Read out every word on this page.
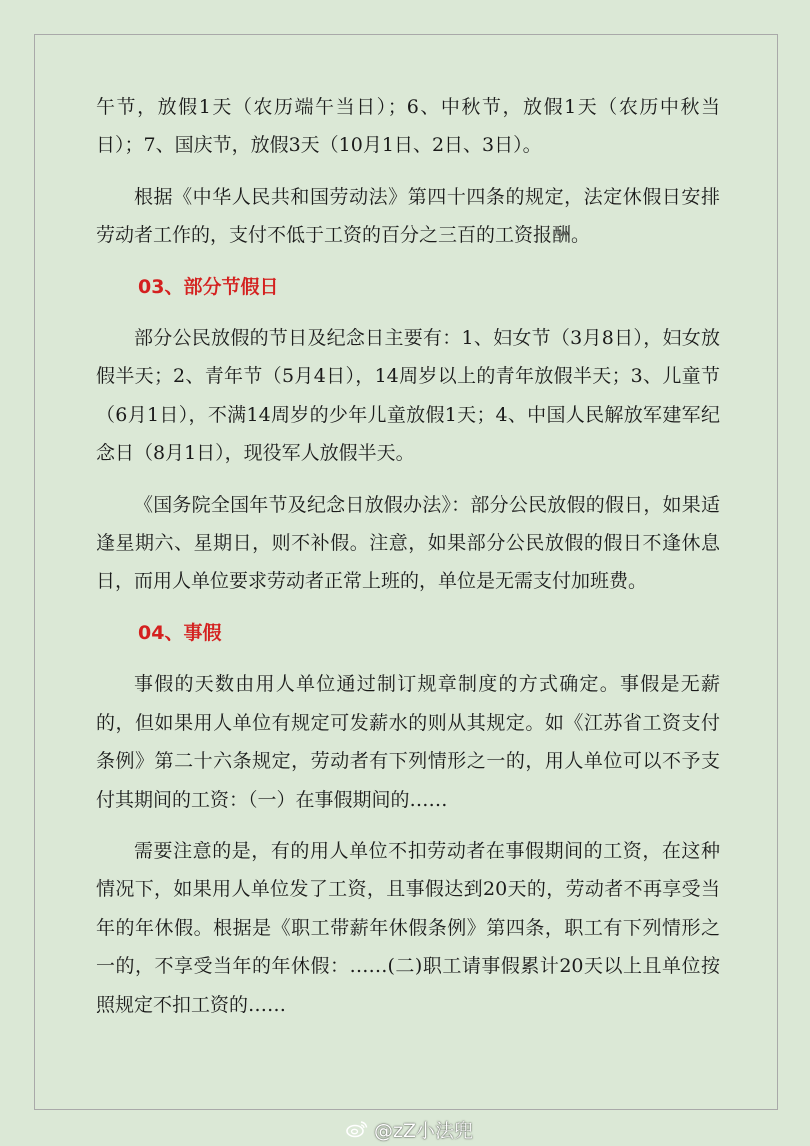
午节，放假1天（农历端午当日）；6、中秋节，放假1天（农历中秋当日）；7、国庆节，放假3天（10月1日、2日、3日）。

根据《中华人民共和国劳动法》第四十四条的规定，法定休假日安排劳动者工作的，支付不低于工资的百分之三百的工资报酬。

03、部分节假日

部分公民放假的节日及纪念日主要有：1、妇女节（3月8日），妇女放假半天；2、青年节（5月4日），14周岁以上的青年放假半天；3、儿童节（6月1日），不满14周岁的少年儿童放假1天；4、中国人民解放军建军纪念日（8月1日），现役军人放假半天。

《国务院全国年节及纪念日放假办法》：部分公民放假的假日，如果适逢星期六、星期日，则不补假。注意，如果部分公民放假的假日不逢休息日，而用人单位要求劳动者正常上班的，单位是无需支付加班费。

04、事假

事假的天数由用人单位通过制订规章制度的方式确定。事假是无薪的，但如果用人单位有规定可发薪水的则从其规定。如《江苏省工资支付条例》第二十六条规定，劳动者有下列情形之一的，用人单位可以不予支付其期间的工资：（一）在事假期间的……

需要注意的是，有的用人单位不扣劳动者在事假期间的工资，在这种情况下，如果用人单位发了工资，且事假达到20天的，劳动者不再享受当年的年休假。根据是《职工带薪年休假条例》第四条，职工有下列情形之一的，不享受当年的年休假：……(二)职工请事假累计20天以上且单位按照规定不扣工资的……

@zZ小法兜
